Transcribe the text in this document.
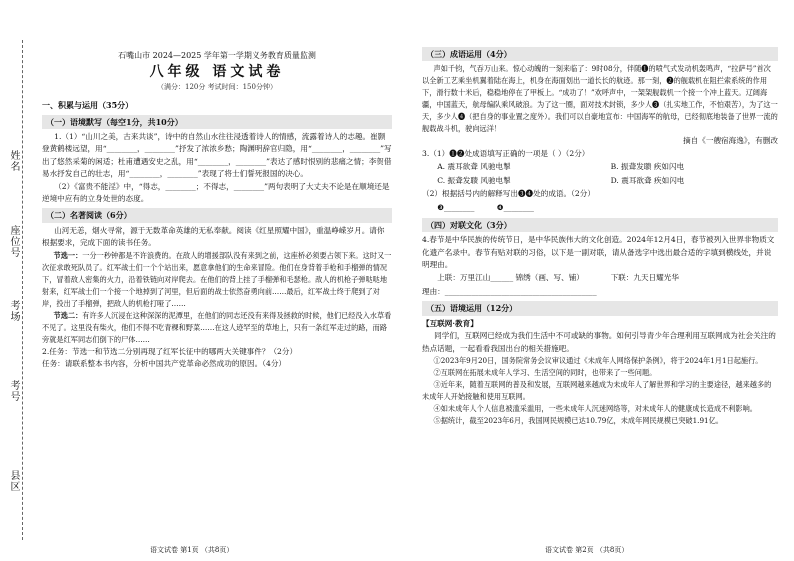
姓名
座位号
考场
考号
县区
石嘴山市 2024—2025 学年第一学期义务教育质量监测
八年级 语文试卷
（满分：120分 考试时间：150分钟）
一、积累与运用（35分）
（一）语境默写（每空1分，共10分）

1.（1）“山川之美，古来共谈”，诗中的自然山水往往浸透着诗人的情感，流露着诗人的志趣。崔颢登黄鹤楼远望，用“________，________”抒发了浓浓乡愁；陶渊明辞官归隐，用“________，________”写出了悠然采菊的闲适；杜甫遭遇安史之乱，用“________，________”表达了感时恨别的悲痛之情；李贺借易水抒发自己的壮志，用“________，________”表现了将士们誓死报国的决心。

（2）《富贵不能淫》中，“得志，________；不得志，________”两句表明了大丈夫不论是在顺境还是逆境中应有的立身处世的态度。

（二）名著阅读（6分）

山河无恙，烟火寻常，源于无数革命英雄的无私奉献。阅读《红星照耀中国》，重温峥嵘岁月。请你根据要求，完成下面的读书任务。

节选一：一分一秒钟都是不许浪费的。在敌人的增援部队没有来到之前，这座桥必须要占领下来。这时又一次征求敢死队员了。红军战士们一个个站出来，愿意拿他们的生命来冒险。他们在身背着手枪和手榴弹的情况下，冒着敌人密集的火力，沿着铁链向对岸爬去。在他们的背上挂了手榴弹和毛瑟枪。敌人的机枪子弹哒哒地射来，红军战士们一个接一个地掉到了河里，但后面的战士依然奋勇向前……最后，红军战士终于爬到了对岸，投出了手榴弹，把敌人的机枪打哑了……

节选二：有许多人沉浸在这种深深的泥潭里，在他们的同志还没有来得及拯救的时候，他们已经没入水草看不见了。这里没有柴火，他们不得不吃青稞和野菜……在这人迹罕至的草地上，只有一条红军走过的路，而路旁就是红军同志们倒下的尸体……

2.任务：节选一和节选二分别再现了红军长征中的哪两大关键事件？（2分）

任务：请联系整本书内容，分析中国共产党革命必然成功的原因。（4分）

语文试卷 第1页 （共8页）
（三）成语运用（4分）

声如千钧，气吞万山来。惊心动魄的一刻来临了：9时08分，伴随❶的喷气式发动机轰鸣声，“拉萨号”首次以全新工艺乘坐机翼着陆在海上，机身在海面划出一道长长的航迹。那一刻，❷的舰载机在阻拦索系统的作用下，滑行数十米后，稳稳地停在了甲板上。“成功了！”欢呼声中，一架架舰载机一个接一个冲上蓝天。辽阔海疆，中国蓝天，航母编队乘风破浪。为了这一圈，面对技术封锁，多少人❸（扎实地工作，不怕艰苦），为了这一天，多少人❹（把自身的事业置之度外）。我们可以自豪地宣布：中国海军的航母，已经彻底地装备了世界一流的舰载战斗机，驶向远洋！

摘自《一艘宿海逸》，有删改

3.（1）❶❷处成语填写正确的一项是（ ）（2分）

A. 震耳欲聋 风驰电掣	B. 振聋发聩 疾如闪电
C. 振聋发聩 风驰电掣	D. 震耳欲聋 疾如闪电

（2）根据括号内的解释写出❸❹处的成语。（2分）

❸________	❹________
（四）对联文化（3分）

4.春节是中华民族的传统节日，是中华民族伟大的文化创造。2024年12月4日，春节被列入世界非物质文化遗产名录中。春节有贴对联的习俗，以下是一副对联，请从备选字中选出最合适的字填到横线处，并说明理由。

上联：万里江山______ 锦绣（画、写、铺）	下联：九天日耀光华

理由：________________________________________

（五）语境运用（12分）

【互联网·教育】

同学们，互联网已经成为我们生活中不可或缺的事物。如何引导青少年合理利用互联网成为社会关注的热点话题，一起看看我国出台的相关措施吧。

①2023年9月20日，国务院常务会议审议通过《未成年人网络保护条例》，将于2024年1月1日起施行。

②互联网在拓展未成年人学习、生活空间的同时，也带来了一些问题。

③近年来，随着互联网的普及和发展，互联网越来越成为未成年人了解世界和学习的主要途径，越来越多的未成年人开始接触和使用互联网。

④如未成年人个人信息被滥采滥用，一些未成年人沉迷网络等，对未成年人的健康成长造成不利影响。

⑤据统计，截至2023年6月，我国网民规模已达10.79亿，未成年网民规模已突破1.91亿。

语文试卷 第2页 （共8页）
